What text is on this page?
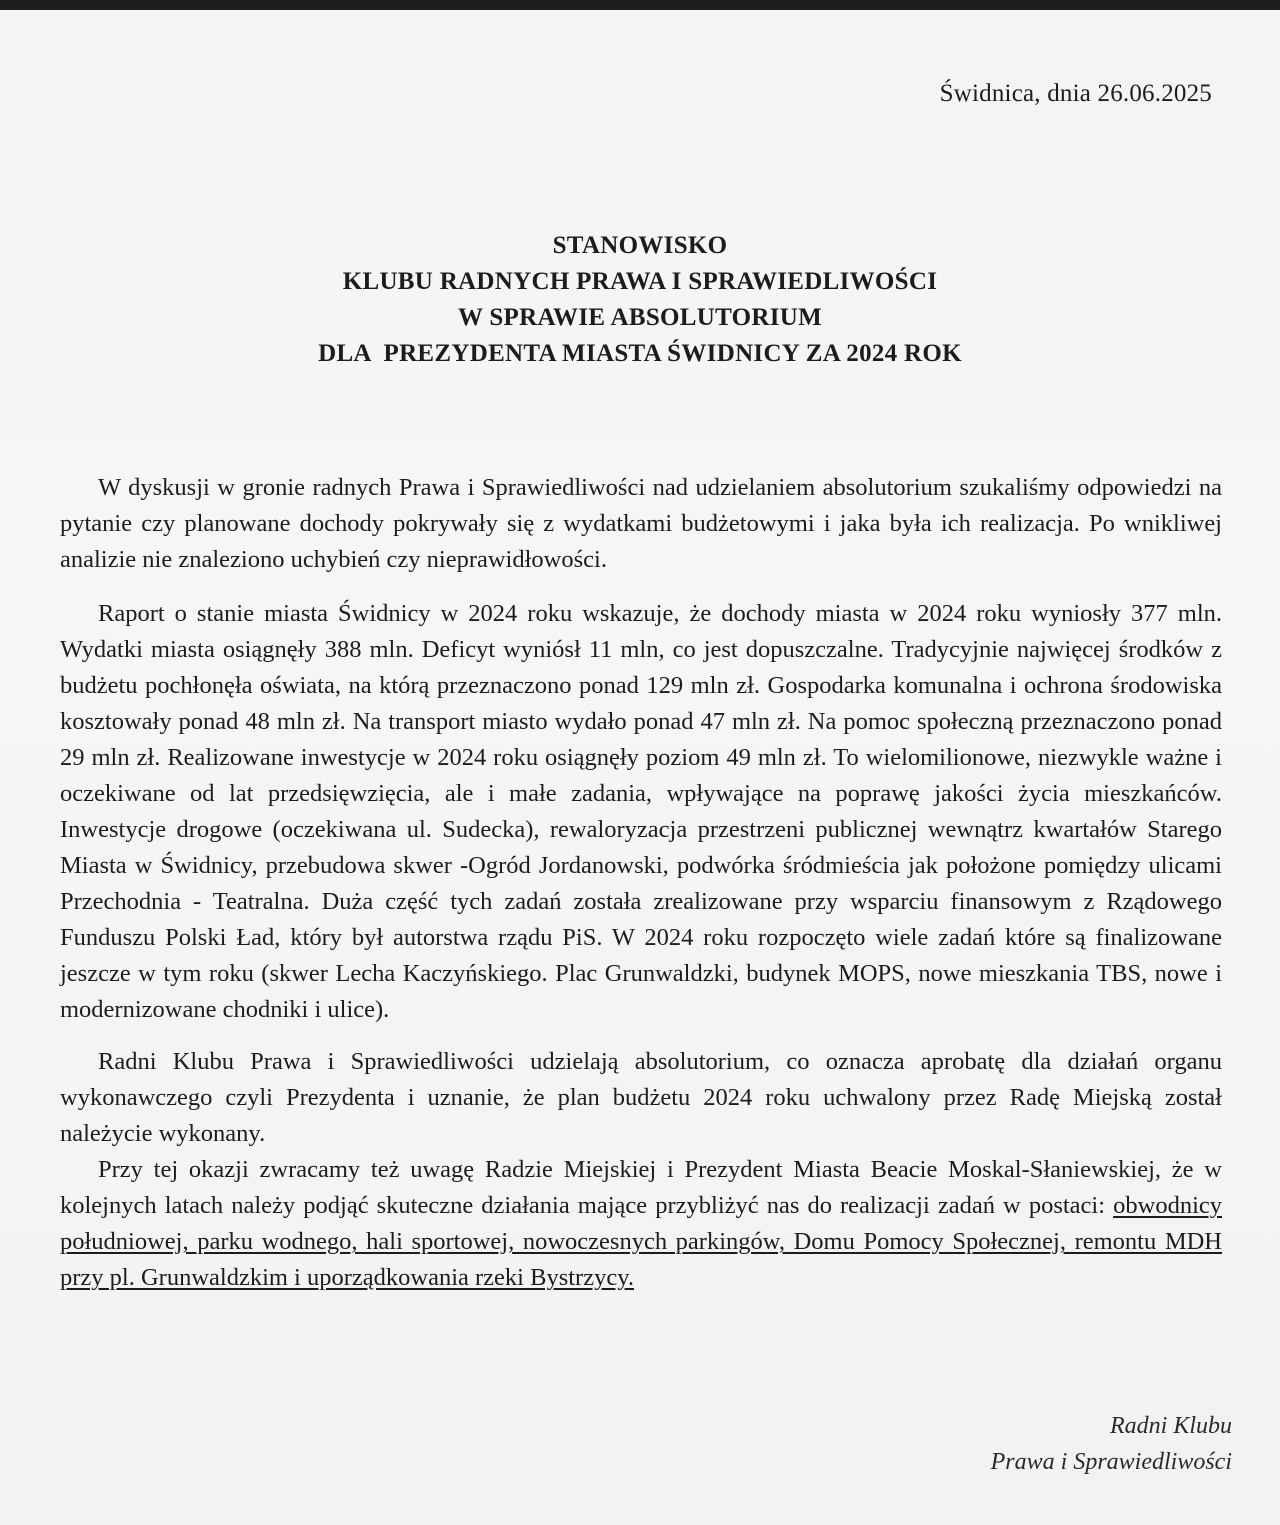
Świdnica, dnia 26.06.2025
STANOWISKO
KLUBU RADNYCH PRAWA I SPRAWIEDLIWOŚCI
W SPRAWIE ABSOLUTORIUM
DLA  PREZYDENTA MIASTA ŚWIDNICY ZA 2024 ROK

W dyskusji w gronie radnych Prawa i Sprawiedliwości nad udzielaniem absolutorium szukaliśmy odpowiedzi na pytanie czy planowane dochody pokrywały się z wydatkami budżetowymi i jaka była ich realizacja. Po wnikliwej analizie nie znaleziono uchybień czy nieprawidłowości.

Raport o stanie miasta Świdnicy w 2024 roku wskazuje, że dochody miasta w 2024 roku wyniosły 377 mln. Wydatki miasta osiągnęły 388 mln. Deficyt wyniósł 11 mln, co jest dopuszczalne. Tradycyjnie najwięcej środków z budżetu pochłonęła oświata, na którą przeznaczono ponad 129 mln zł. Gospodarka komunalna i ochrona środowiska kosztowały ponad 48 mln zł. Na transport miasto wydało ponad 47 mln zł. Na pomoc społeczną przeznaczono ponad 29 mln zł. Realizowane inwestycje w 2024 roku osiągnęły poziom 49 mln zł. To wielomilionowe, niezwykle ważne i oczekiwane od lat przedsięwzięcia, ale i małe zadania, wpływające na poprawę jakości życia mieszkańców. Inwestycje drogowe (oczekiwana ul. Sudecka), rewaloryzacja przestrzeni publicznej wewnątrz kwartałów Starego Miasta w Świdnicy, przebudowa skwer -Ogród Jordanowski, podwórka śródmieścia jak położone pomiędzy ulicami Przechodnia - Teatralna. Duża część tych zadań została zrealizowane przy wsparciu finansowym z Rządowego Funduszu Polski Ład, który był autorstwa rządu PiS. W 2024 roku rozpoczęto wiele zadań które są finalizowane jeszcze w tym roku (skwer Lecha Kaczyńskiego. Plac Grunwaldzki, budynek MOPS, nowe mieszkania TBS, nowe i modernizowane chodniki i ulice).

Radni Klubu Prawa i Sprawiedliwości udzielają absolutorium, co oznacza aprobatę dla działań organu wykonawczego czyli Prezydenta i uznanie, że plan budżetu 2024 roku uchwalony przez Radę Miejską został należycie wykonany.

Przy tej okazji zwracamy też uwagę Radzie Miejskiej i Prezydent Miasta Beacie Moskal-Słaniewskiej, że w kolejnych latach należy podjąć skuteczne działania mające przybliżyć nas do realizacji zadań w postaci: obwodnicy południowej, parku wodnego, hali sportowej, nowoczesnych parkingów, Domu Pomocy Społecznej, remontu MDH przy pl. Grunwaldzkim i uporządkowania rzeki Bystrzycy.

Radni Klubu
Prawa i Sprawiedliwości
